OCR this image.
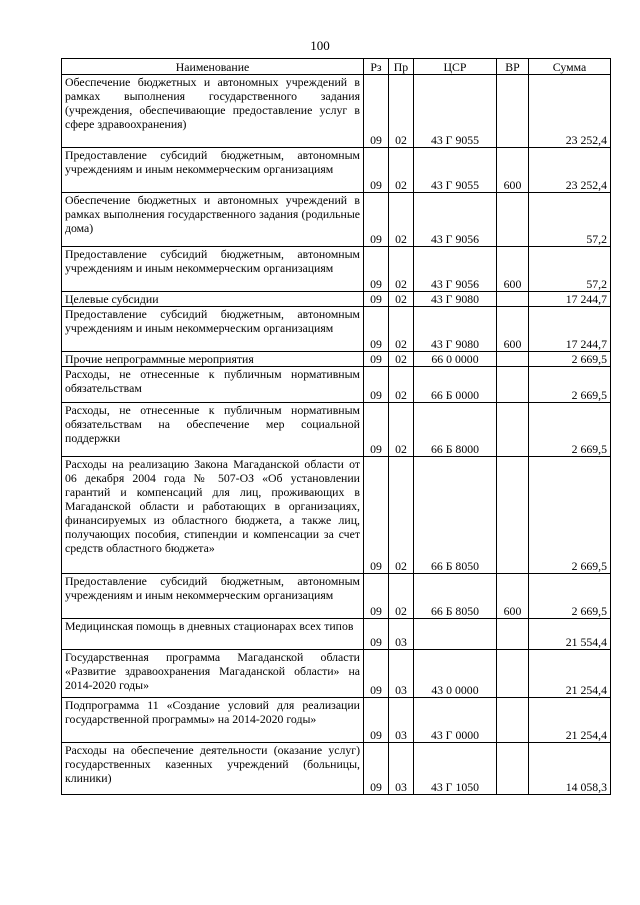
100
Наименование	Рз	Пр	ЦСР	ВР	Сумма
Обеспечение бюджетных и автономных учреждений в рамках выполнения государственного задания (учреждения, обеспечивающие предоставление услуг в сфере здравоохранения)	09	02	43 Г 9055		23 252,4
Предоставление субсидий бюджетным, автономным учреждениям и иным некоммерческим организациям	09	02	43 Г 9055	600	23 252,4
Обеспечение бюджетных и автономных учреждений в рамках выполнения государственного задания (родильные дома)	09	02	43 Г 9056		57,2
Предоставление субсидий бюджетным, автономным учреждениям и иным некоммерческим организациям	09	02	43 Г 9056	600	57,2
Целевые субсидии	09	02	43 Г 9080		17 244,7
Предоставление субсидий бюджетным, автономным учреждениям и иным некоммерческим организациям	09	02	43 Г 9080	600	17 244,7
Прочие непрограммные мероприятия	09	02	66 0 0000		2 669,5
Расходы, не отнесенные к публичным нормативным обязательствам	09	02	66 Б 0000		2 669,5
Расходы, не отнесенные к публичным нормативным обязательствам на обеспечение мер социальной поддержки	09	02	66 Б 8000		2 669,5
Расходы на реализацию Закона Магаданской области от 06 декабря 2004 года № 507-ОЗ «Об установлении гарантий и компенсаций для лиц, проживающих в Магаданской области и работающих в организациях, финансируемых из областного бюджета, а также лиц, получающих пособия, стипендии и компенсации за счет средств областного бюджета»	09	02	66 Б 8050		2 669,5
Предоставление субсидий бюджетным, автономным учреждениям и иным некоммерческим организациям	09	02	66 Б 8050	600	2 669,5
Медицинская помощь в дневных стационарах всех типов	09	03			21 554,4
Государственная программа Магаданской области «Развитие здравоохранения Магаданской области» на 2014-2020 годы»	09	03	43 0 0000		21 254,4
Подпрограмма 11 «Создание условий для реализации государственной программы» на 2014-2020 годы»	09	03	43 Г 0000		21 254,4
Расходы на обеспечение деятельности (оказание услуг) государственных казенных учреждений (больницы, клиники)	09	03	43 Г 1050		14 058,3
